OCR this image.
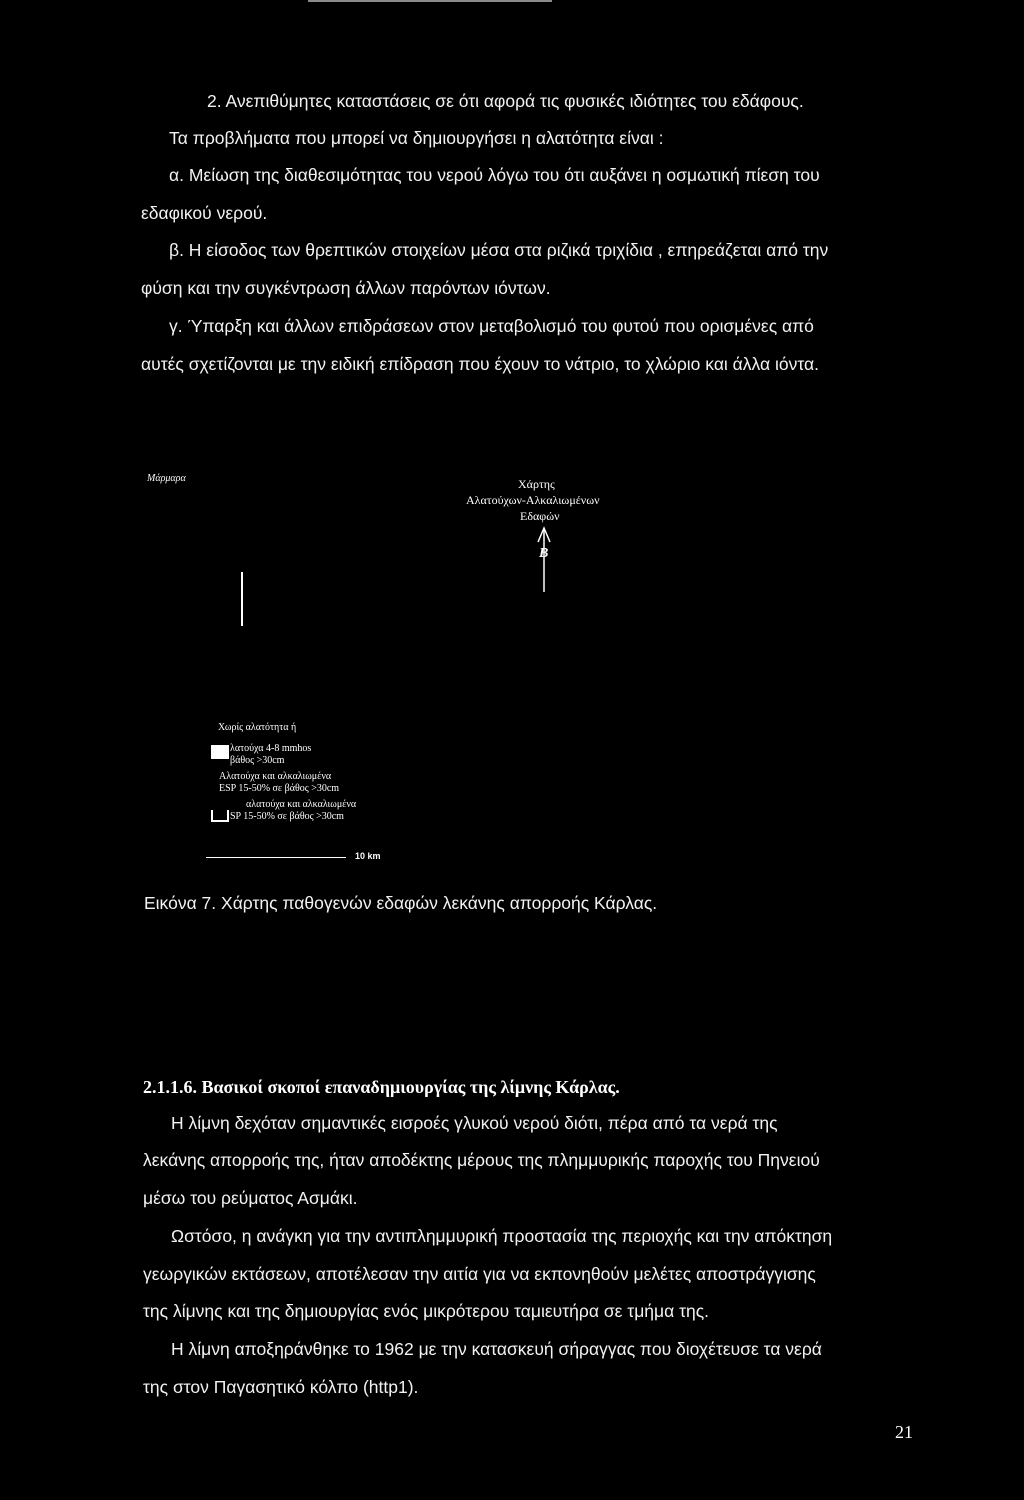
2. Ανεπιθύμητες καταστάσεις σε ότι αφορά τις φυσικές ιδιότητες του εδάφους.
Τα προβλήματα που μπορεί να δημιουργήσει η αλατότητα είναι :
α. Μείωση της διαθεσιμότητας του νερού λόγω του ότι αυξάνει η οσμωτική πίεση του
εδαφικού νερού.
β. Η είσοδος των θρεπτικών στοιχείων μέσα στα ριζικά τριχίδια , επηρεάζεται από την
φύση και την συγκέντρωση άλλων παρόντων ιόντων.
γ. Ύπαρξη και άλλων επιδράσεων στον μεταβολισμό του φυτού που ορισμένες από
αυτές σχετίζονται με την ειδική επίδραση που έχουν το νάτριο, το χλώριο και άλλα ιόντα.
Μάρμαρα	Χάρτης
Αλατούχων-Αλκαλιωμένων
Εδαφών
B
Χωρίς αλατότητα ή
λατούχα 4-8 mmhos
βάθος >30cm
Αλατούχα και αλκαλιωμένα
ESP 15-50% σε βάθος >30cm
αλατούχα και αλκαλιωμένα
SP 15-50% σε βάθος >30cm
10 km
Εικόνα 7. Χάρτης παθογενών εδαφών λεκάνης απορροής Κάρλας.
2.1.1.6. Βασικοί σκοποί επαναδημιουργίας της λίμνης Κάρλας.
Η λίμνη δεχόταν σημαντικές εισροές γλυκού νερού διότι, πέρα από τα νερά της
λεκάνης απορροής της, ήταν αποδέκτης μέρους της πλημμυρικής παροχής του Πηνειού
μέσω του ρεύματος Ασμάκι.
Ωστόσο, η ανάγκη για την αντιπλημμυρική προστασία της περιοχής και την απόκτηση
γεωργικών εκτάσεων, αποτέλεσαν την αιτία για να εκπονηθούν μελέτες αποστράγγισης
της λίμνης και της δημιουργίας ενός μικρότερου ταμιευτήρα σε τμήμα της.
Η λίμνη αποξηράνθηκε το 1962 με την κατασκευή σήραγγας που διοχέτευσε τα νερά
της στον Παγασητικό κόλπο (http1).
21
